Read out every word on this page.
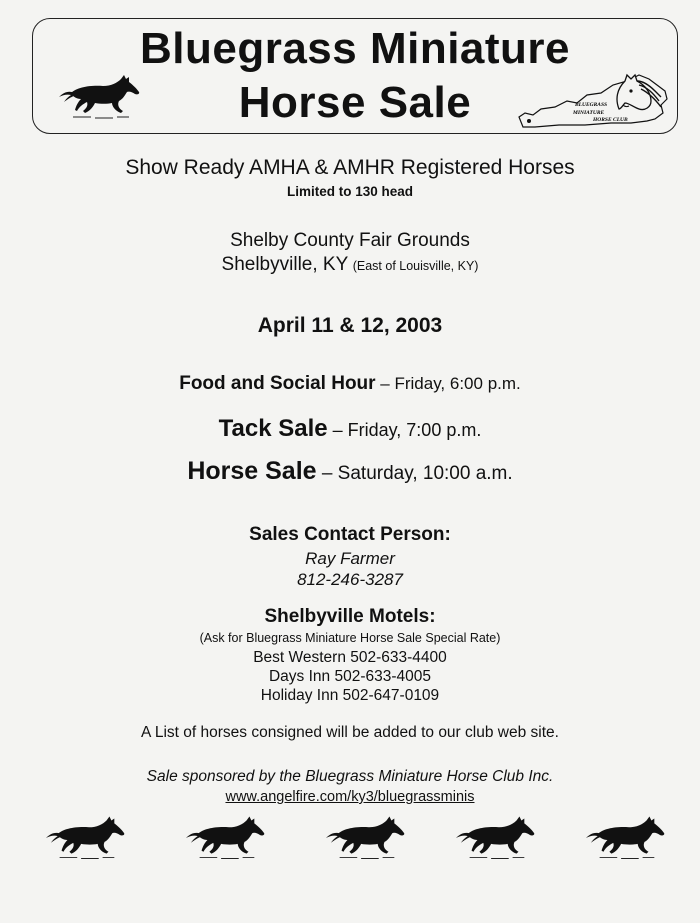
Bluegrass Miniature
Horse Sale	BLUEGRASS
MINIATURE
HORSE CLUB
Show Ready AMHA & AMHR Registered Horses
Limited to 130 head
Shelby County Fair Grounds
Shelbyville, KY (East of Louisville, KY)
April 11 & 12, 2003
Food and Social Hour – Friday, 6:00 p.m.
Tack Sale – Friday, 7:00 p.m.
Horse Sale – Saturday, 10:00 a.m.
Sales Contact Person:
Ray Farmer
812-246-3287
Shelbyville Motels:
(Ask for Bluegrass Miniature Horse Sale Special Rate)
Best Western 502-633-4400
Days Inn 502-633-4005
Holiday Inn 502-647-0109
A List of horses consigned will be added to our club web site.
Sale sponsored by the Bluegrass Miniature Horse Club Inc.
www.angelfire.com/ky3/bluegrassminis
